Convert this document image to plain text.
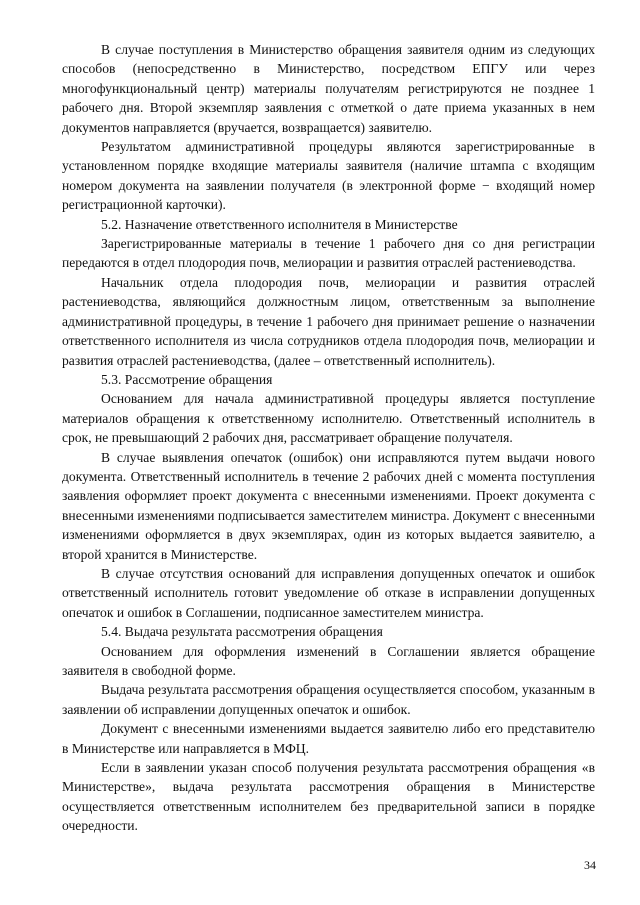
В случае поступления в Министерство обращения заявителя одним из следующих способов (непосредственно в Министерство, посредством ЕПГУ или через многофункциональный центр) материалы получателям регистрируются не позднее 1 рабочего дня. Второй экземпляр заявления с отметкой о дате приема указанных в нем документов направляется (вручается, возвращается) заявителю.

Результатом административной процедуры являются зарегистрированные в установленном порядке входящие материалы заявителя (наличие штампа с входящим номером документа на заявлении получателя (в электронной форме − входящий номер регистрационной карточки).

5.2. Назначение ответственного исполнителя в Министерстве

Зарегистрированные материалы в течение 1 рабочего дня со дня регистрации передаются в отдел плодородия почв, мелиорации и развития отраслей растениеводства.

Начальник отдела плодородия почв, мелиорации и развития отраслей растениеводства, являющийся должностным лицом, ответственным за выполнение административной процедуры, в течение 1 рабочего дня принимает решение о назначении ответственного исполнителя из числа сотрудников отдела плодородия почв, мелиорации и развития отраслей растениеводства, (далее – ответственный исполнитель).

5.3. Рассмотрение обращения

Основанием для начала административной процедуры является поступление материалов обращения к ответственному исполнителю. Ответственный исполнитель в срок, не превышающий 2 рабочих дня, рассматривает обращение получателя.

В случае выявления опечаток (ошибок) они исправляются путем выдачи нового документа. Ответственный исполнитель в течение 2 рабочих дней с момента поступления заявления оформляет проект документа с внесенными изменениями. Проект документа с внесенными изменениями подписывается заместителем министра. Документ с внесенными изменениями оформляется в двух экземплярах, один из которых выдается заявителю, а второй хранится в Министерстве.

В случае отсутствия оснований для исправления допущенных опечаток и ошибок ответственный исполнитель готовит уведомление об отказе в исправлении допущенных опечаток и ошибок в Соглашении, подписанное заместителем министра.

5.4. Выдача результата рассмотрения обращения

Основанием для оформления изменений в Соглашении является обращение заявителя в свободной форме.

Выдача результата рассмотрения обращения осуществляется способом, указанным в заявлении об исправлении допущенных опечаток и ошибок.

Документ с внесенными изменениями выдается заявителю либо его представителю в Министерстве или направляется в МФЦ.

Если в заявлении указан способ получения результата рассмотрения обращения «в Министерстве», выдача результата рассмотрения обращения в Министерстве осуществляется ответственным исполнителем без предварительной записи в порядке очередности.

34
